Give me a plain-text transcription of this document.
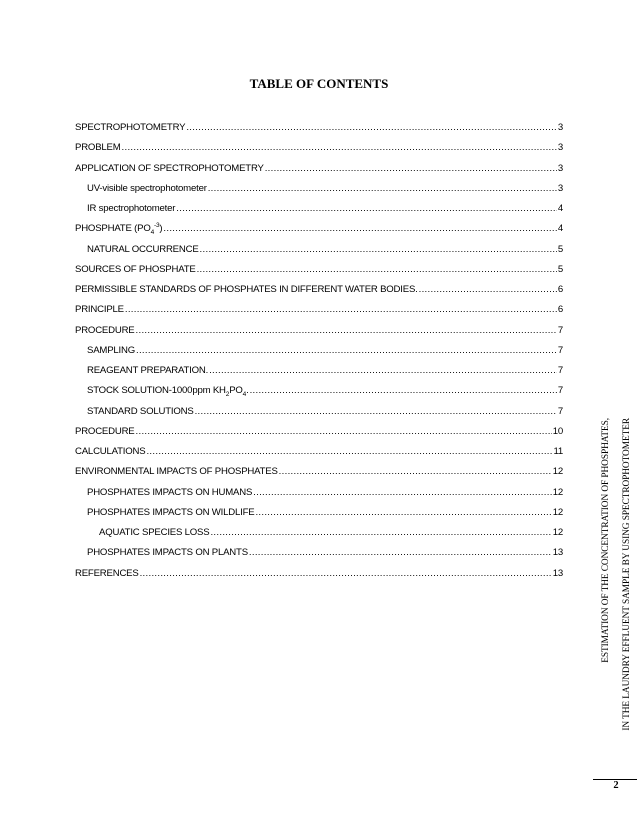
TABLE OF CONTENTS
SPECTROPHOTOMETRY .....	3
PROBLEM .....	3
APPLICATION OF SPECTROPHOTOMETRY .....	3
UV-visible spectrophotometer .....	3
IR spectrophotometer .....	4
PHOSPHATE $(PO_4^{-3})$ .....	4
NATURAL OCCURRENCE .....	5
SOURCES OF PHOSPHATE .....	5
PERMISSIBLE STANDARDS OF PHOSPHATES IN DIFFERENT WATER BODIES. .....	6
PRINCIPLE .....	6
PROCEDURE .....	7
SAMPLING .....	7
REAGEANT PREPARATION. .....	7
STOCK SOLUTION-1000ppm $KH_2PO_4$. .....	7
STANDARD SOLUTIONS .....	7
PROCEDURE .....	10
CALCULATIONS .....	11
ENVIRONMENTAL IMPACTS OF PHOSPHATES .....	12
PHOSPHATES IMPACTS ON HUMANS .....	12
PHOSPHATES IMPACTS ON WILDLIFE .....	12
AQUATIC SPECIES LOSS .....	12
PHOSPHATES IMPACTS ON PLANTS .....	13
REFERENCES .....	13	ESTIMATION OF THE CONCENTRATION OF PHOSPHATES,	IN THE LAUNDRY EFFLUENT SAMPLE BY USING SPECTROPHOTOMETER
2
